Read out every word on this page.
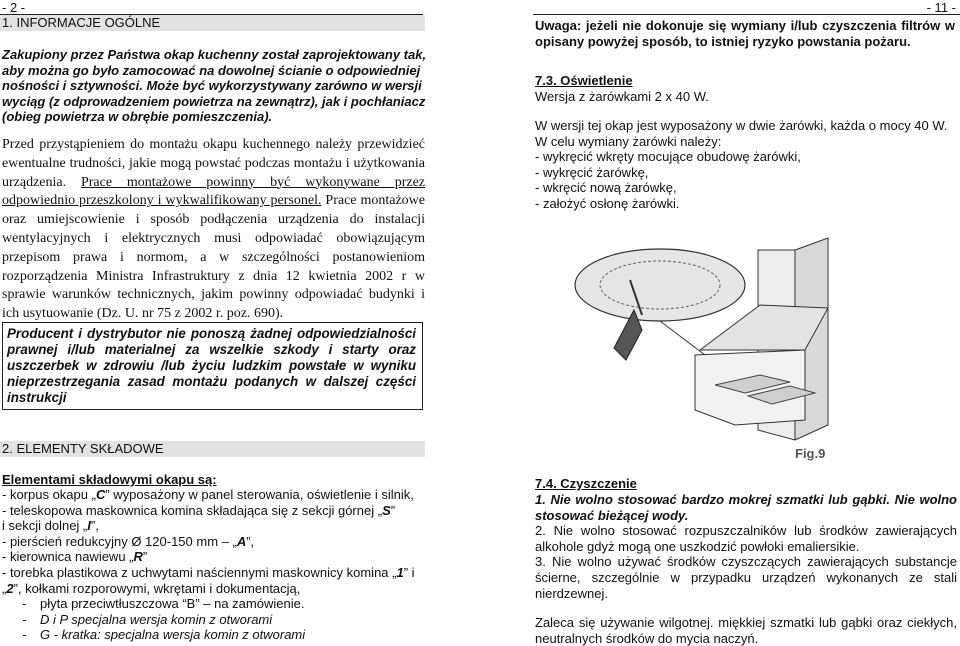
- 2 -
1. INFORMACJE OGÓLNE
Zakupiony przez Państwa okap kuchenny został zaprojektowany tak,
aby można go było zamocować na dowolnej ścianie o odpowiedniej
nośności i sztywności. Może być wykorzystywany zarówno w wersji
wyciąg (z odprowadzeniem powietrza na zewnątrz), jak i pochłaniacz
(obieg powietrza w obrębie pomieszczenia).
Przed przystąpieniem do montażu okapu kuchennego należy przewidzieć ewentualne trudności, jakie mogą powstać podczas montażu i użytkowania urządzenia. Prace montażowe powinny być wykonywane przez odpowiednio przeszkolony i wykwalifikowany personel. Prace montażowe oraz umiejscowienie i sposób podłączenia urządzenia do instalacji wentylacyjnych i elektrycznych musi odpowiadać obowiązującym przepisom prawa i normom, a w szczególności postanowieniom rozporządzenia Ministra Infrastruktury z dnia 12 kwietnia 2002 r w sprawie warunków technicznych, jakim powinny odpowiadać budynki i ich usytuowanie (Dz. U. nr 75 z 2002 r. poz. 690).
Producent i dystrybutor nie ponoszą żadnej odpowiedzialności prawnej i/lub materialnej za wszelkie szkody i starty oraz uszczerbek w zdrowiu /lub życiu ludzkim powstałe w wyniku nieprzestrzegania zasad montażu podanych w dalszej części instrukcji
2. ELEMENTY SKŁADOWE
Elementami składowymi okapu są:
- korpus okapu „C” wyposażony w panel sterowania, oświetlenie i silnik,
- teleskopowa maskownica komina składająca się z sekcji górnej „S”
i sekcji dolnej „I”,
- pierścień redukcyjny Ø 120-150 mm – „A”,
- kierownica nawiewu „R”
- torebka plastikowa z uchwytami naściennymi maskownicy komina „1” i
„2”, kołkami rozporowymi, wkrętami i dokumentacją,
- płyta przeciwtłuszczowa “B” – na zamówienie.
- D i P specjalna wersja komin z otworami
- G - kratka: specjalna wersja komin z otworami
- 11 -
Uwaga: jeżeli nie dokonuje się wymiany i/lub czyszczenia filtrów w opisany powyżej sposób, to istniej ryzyko powstania pożaru.
7.3. Oświetlenie
Wersja z żarówkami 2 x 40 W.
W wersji tej okap jest wyposażony w dwie żarówki, każda o mocy 40 W.
W celu wymiany żarówki należy:
- wykręcić wkręty mocujące obudowę żarówki,
- wykręcić żarówkę,
- wkręcić nową żarówkę,
- założyć osłonę żarówki.
Fig.9
7.4. Czyszczenie

1. Nie wolno stosować bardzo mokrej szmatki lub gąbki. Nie wolno stosować bieżącej wody.

2. Nie wolno stosować rozpuszczalników lub środków zawierających alkohole gdyż mogą one uszkodzić powłoki emaliersikie.

3. Nie wolno używać środków czyszczących zawierających substancje ścierne, szczególnie w przypadku urządzeń wykonanych ze stali nierdzewnej.

Zaleca się używanie wilgotnej. miękkiej szmatki lub gąbki oraz ciekłych, neutralnych środków do mycia naczyń.
